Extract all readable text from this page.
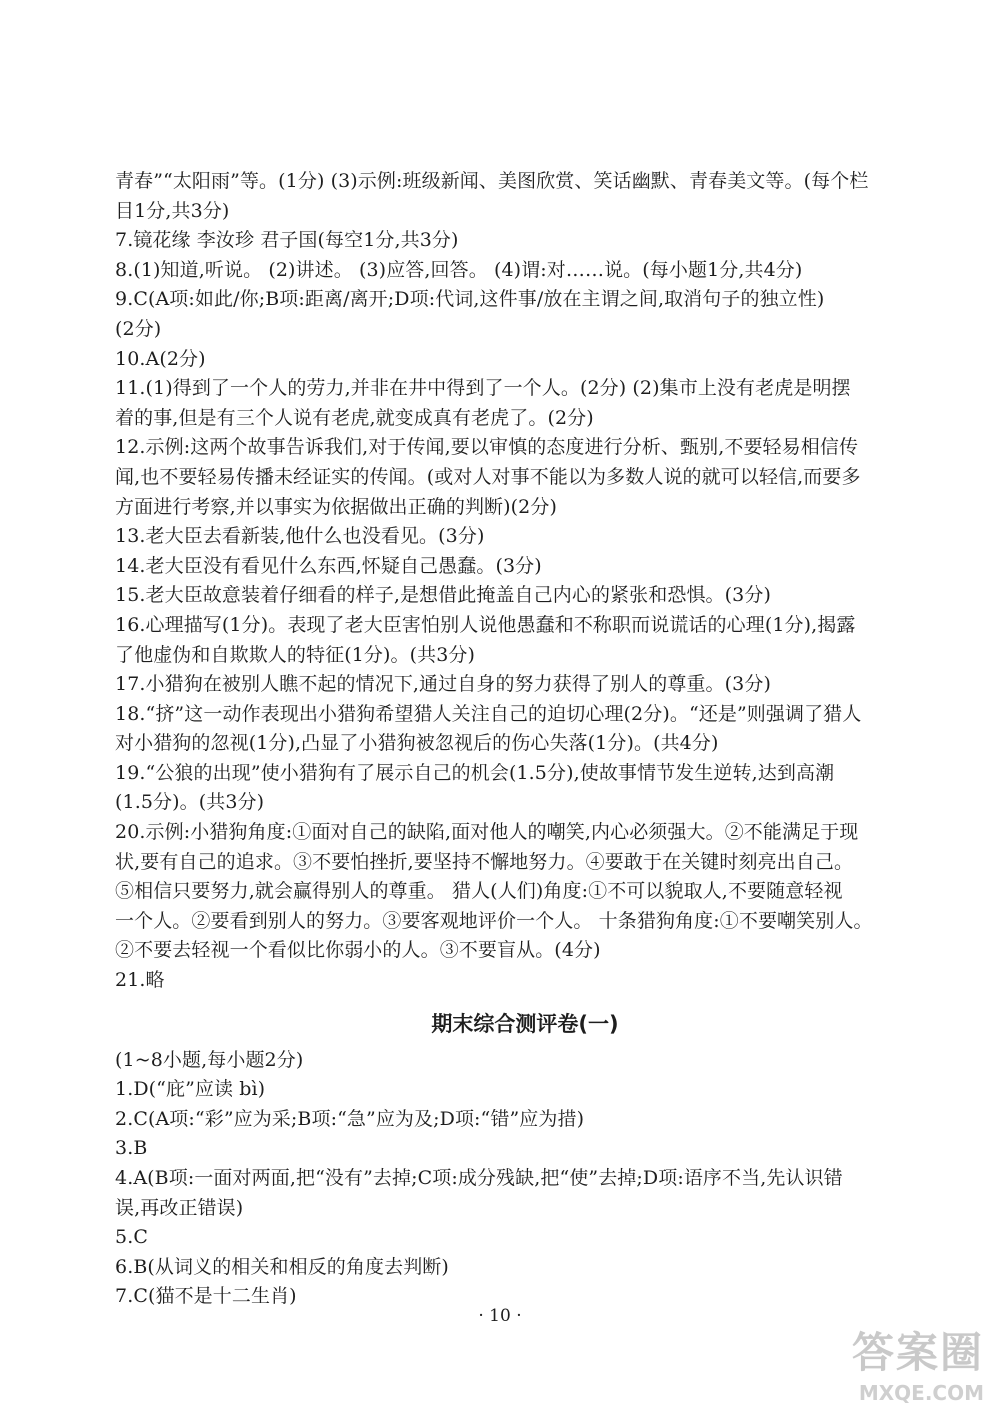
青春”“太阳雨”等。(1分) (3)示例:班级新闻、美图欣赏、笑话幽默、青春美文等。(每个栏
目1分,共3分)
7.镜花缘 李汝珍 君子国(每空1分,共3分)
8.(1)知道,听说。 (2)讲述。 (3)应答,回答。 (4)谓:对……说。(每小题1分,共4分)
9.C(A项:如此/你;B项:距离/离开;D项:代词,这件事/放在主谓之间,取消句子的独立性)
(2分)
10.A(2分)
11.(1)得到了一个人的劳力,并非在井中得到了一个人。(2分) (2)集市上没有老虎是明摆
着的事,但是有三个人说有老虎,就变成真有老虎了。(2分)
12.示例:这两个故事告诉我们,对于传闻,要以审慎的态度进行分析、甄别,不要轻易相信传
闻,也不要轻易传播未经证实的传闻。(或对人对事不能以为多数人说的就可以轻信,而要多
方面进行考察,并以事实为依据做出正确的判断)(2分)
13.老大臣去看新装,他什么也没看见。(3分)
14.老大臣没有看见什么东西,怀疑自己愚蠢。(3分)
15.老大臣故意装着仔细看的样子,是想借此掩盖自己内心的紧张和恐惧。(3分)
16.心理描写(1分)。表现了老大臣害怕别人说他愚蠢和不称职而说谎话的心理(1分),揭露
了他虚伪和自欺欺人的特征(1分)。(共3分)
17.小猎狗在被别人瞧不起的情况下,通过自身的努力获得了别人的尊重。(3分)
18.“挤”这一动作表现出小猎狗希望猎人关注自己的迫切心理(2分)。“还是”则强调了猎人
对小猎狗的忽视(1分),凸显了小猎狗被忽视后的伤心失落(1分)。(共4分)
19.“公狼的出现”使小猎狗有了展示自己的机会(1.5分),使故事情节发生逆转,达到高潮
(1.5分)。(共3分)
20.示例:小猎狗角度:①面对自己的缺陷,面对他人的嘲笑,内心必须强大。②不能满足于现
状,要有自己的追求。③不要怕挫折,要坚持不懈地努力。④要敢于在关键时刻亮出自己。
⑤相信只要努力,就会赢得别人的尊重。 猎人(人们)角度:①不可以貌取人,不要随意轻视
一个人。②要看到别人的努力。③要客观地评价一个人。 十条猎狗角度:①不要嘲笑别人。
②不要去轻视一个看似比你弱小的人。③不要盲从。(4分)
21.略
期末综合测评卷(一)
(1~8小题,每小题2分)
1.D(“庇”应读 bì)
2.C(A项:“彩”应为采;B项:“急”应为及;D项:“错”应为措)
3.B
4.A(B项:一面对两面,把“没有”去掉;C项:成分残缺,把“使”去掉;D项:语序不当,先认识错
误,再改正错误)
5.C
6.B(从词义的相关和相反的角度去判断)
7.C(猫不是十二生肖)
· 10 ·
答案圈
MXQE.COM
